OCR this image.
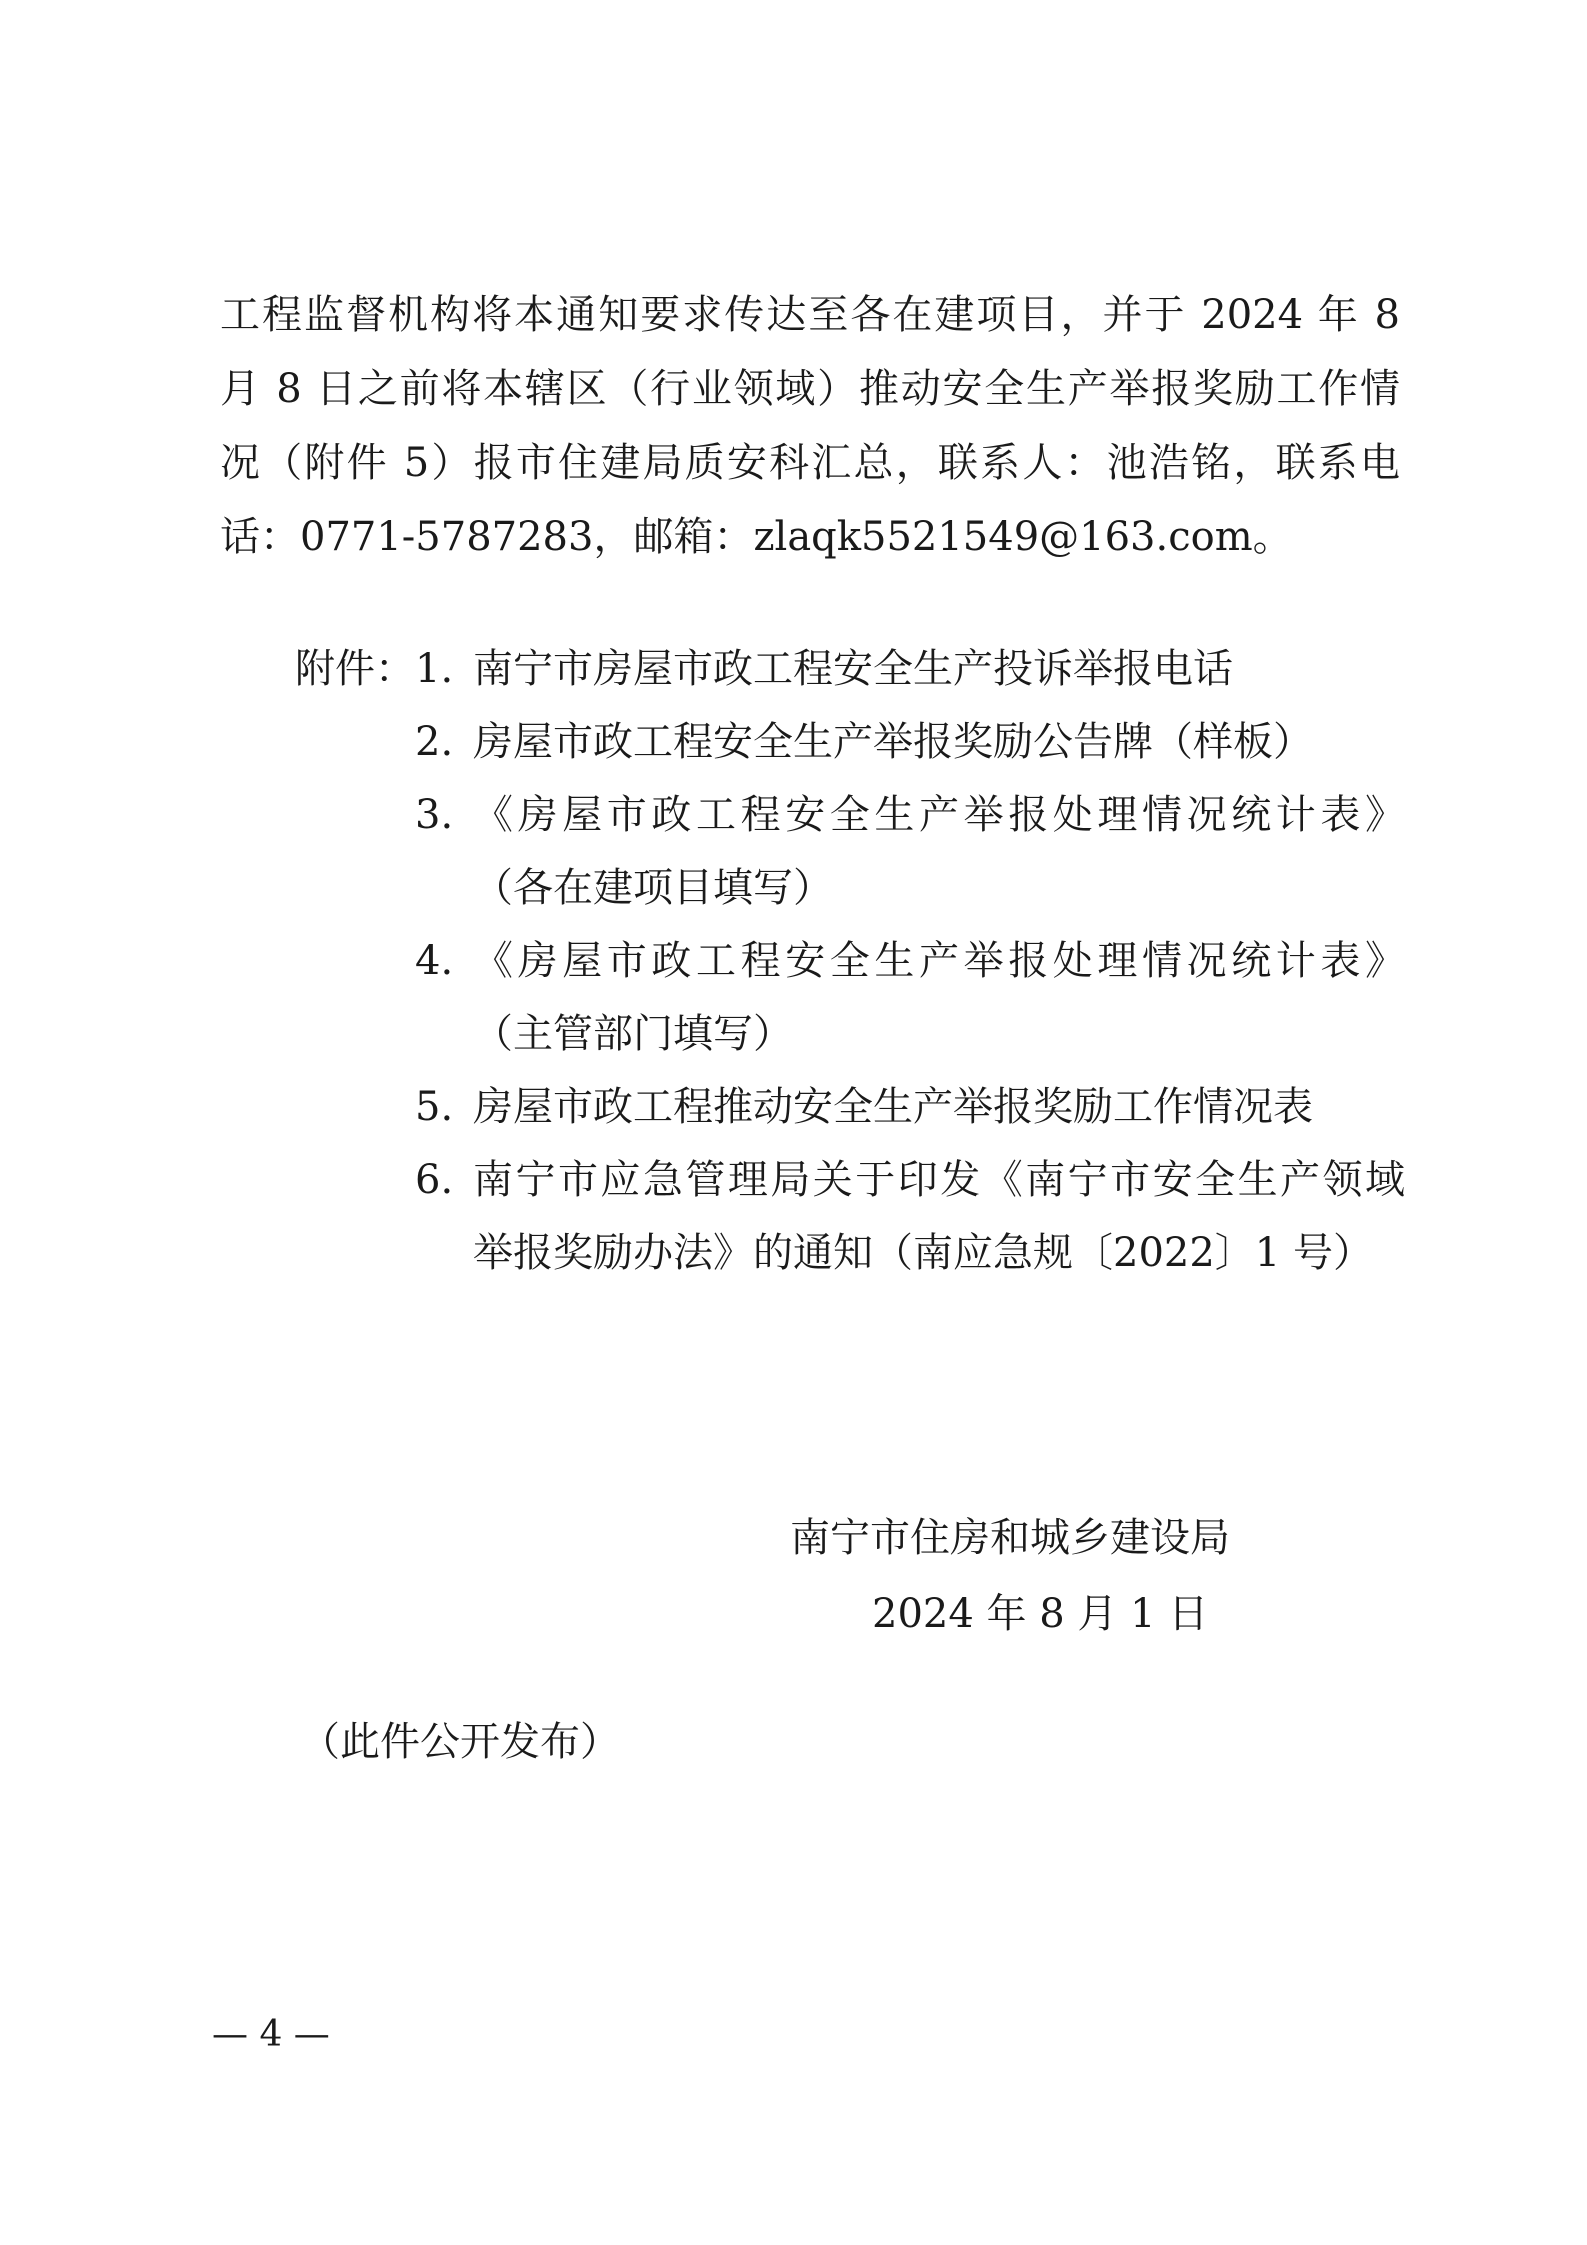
工程监督机构将本通知要求传达至各在建项目，并于 2024 年 8
月 8 日之前将本辖区（行业领域）推动安全生产举报奖励工作情
况（附件 5）报市住建局质安科汇总，联系人：池浩铭，联系电
话：0771-5787283，邮箱：zlaqk5521549@163.com。
附件： 1. 南宁市房屋市政工程安全生产投诉举报电话
2. 房屋市政工程安全生产举报奖励公告牌（样板）
3. 《房屋市政工程安全生产举报处理情况统计表》
（各在建项目填写）
4. 《房屋市政工程安全生产举报处理情况统计表》
（主管部门填写）
5. 房屋市政工程推动安全生产举报奖励工作情况表
6. 南宁市应急管理局关于印发《南宁市安全生产领域
举报奖励办法》的通知（南应急规〔2022〕1 号）
南宁市住房和城乡建设局
2024 年 8 月 1 日
（此件公开发布）
— 4 —
